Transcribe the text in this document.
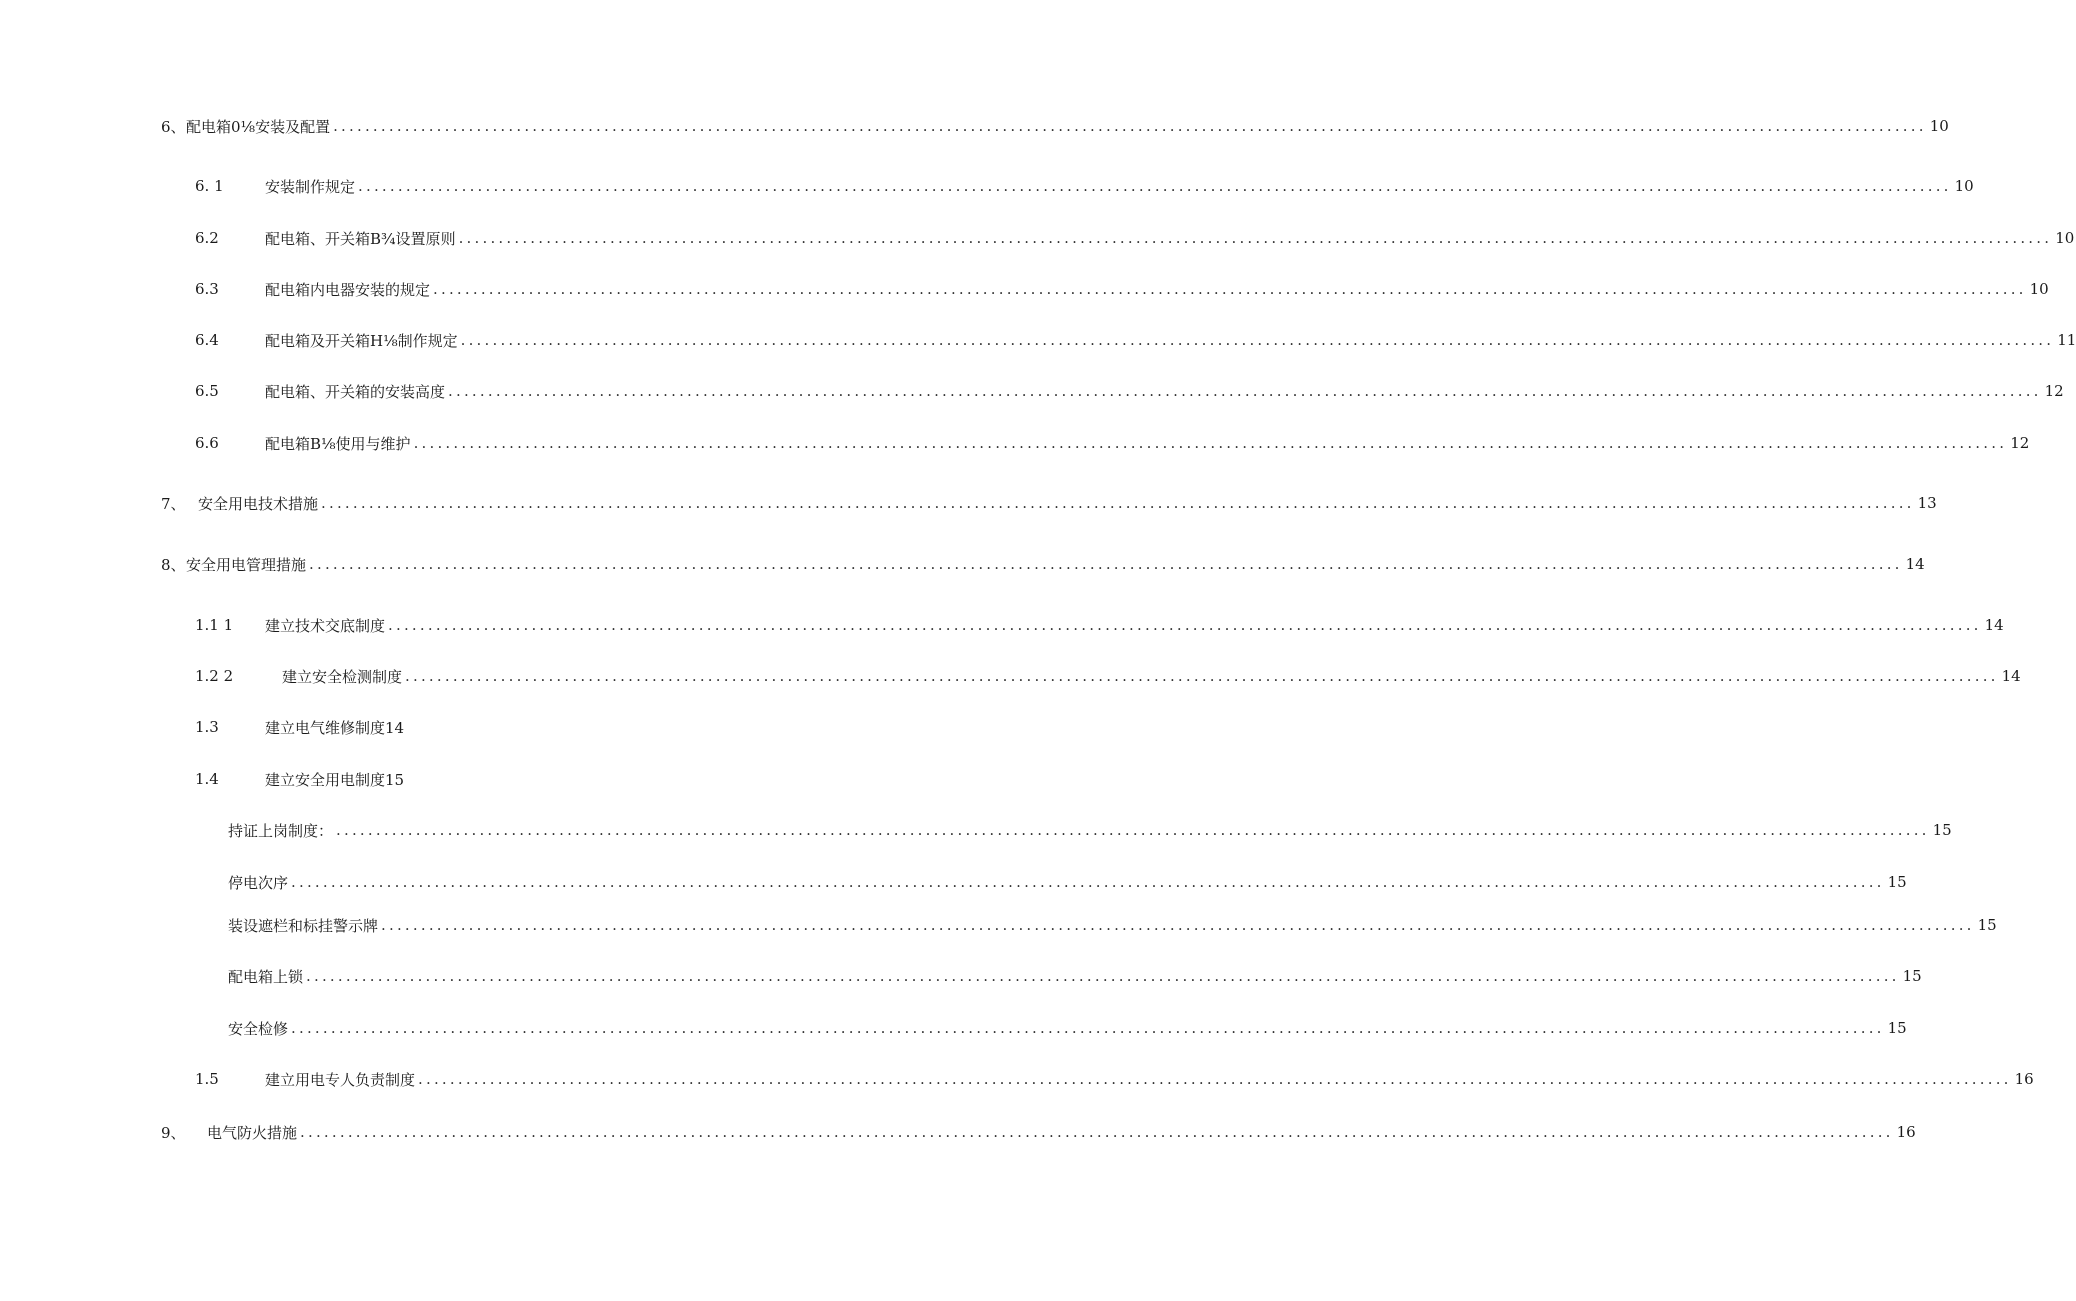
6、 配电箱0⅛安装及配置 ........................................................................................................................................................................................................ 10
6. 1	安装制作规定 ........................................................................................................................................................................................................ 10
6.2	配电箱、开关箱B¾设置原则 ........................................................................................................................................................................................................ 10
6.3	配电箱内电器安装的规定 ........................................................................................................................................................................................................ 10
6.4	配电箱及开关箱H⅛制作规定 ........................................................................................................................................................................................................ 11
6.5	配电箱、开关箱的安装高度 ........................................................................................................................................................................................................ 12
6.6	配电箱B⅛使用与维护 ........................................................................................................................................................................................................ 12
7、 安全用电技术措施 ........................................................................................................................................................................................................ 13
8、 安全用电管理措施 ........................................................................................................................................................................................................ 14
1.1 1 建立技术交底制度 ........................................................................................................................................................................................................ 14
1.2 2	建立安全检测制度 ........................................................................................................................................................................................................ 14
1.3	建立电气维修制度14
1.4	建立安全用电制度15
持证上岗制度： ........................................................................................................................................................................................................ 15
停电次序 ........................................................................................................................................................................................................ 15
装设遮栏和标挂警示牌 ........................................................................................................................................................................................................ 15
配电箱上锁 ........................................................................................................................................................................................................ 15
安全检修 ........................................................................................................................................................................................................ 15
1.5	建立用电专人负责制度 ........................................................................................................................................................................................................ 16
9、 电气防火措施 ........................................................................................................................................................................................................ 16
